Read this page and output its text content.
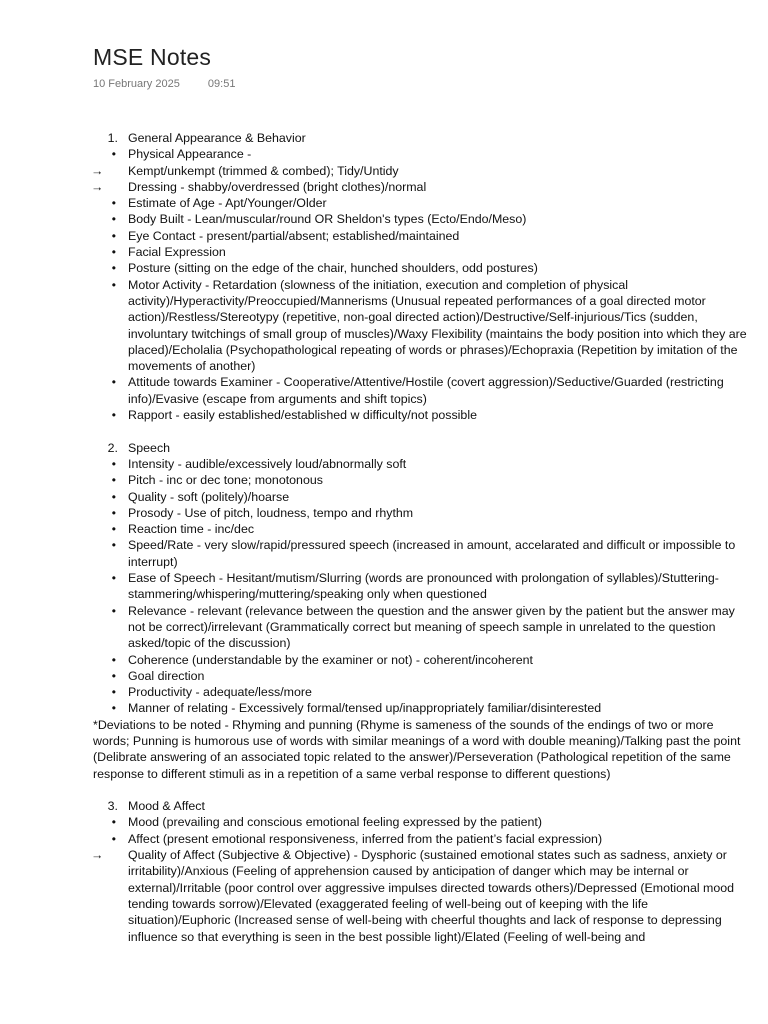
MSE Notes
10 February 2025	09:51
1. General Appearance & Behavior
• Physical Appearance -
→	Kempt/unkempt (trimmed & combed); Tidy/Untidy
→	Dressing - shabby/overdressed (bright clothes)/normal
• Estimate of Age - Apt/Younger/Older
• Body Built - Lean/muscular/round OR Sheldon's types (Ecto/Endo/Meso)
• Eye Contact - present/partial/absent; established/maintained
• Facial Expression
• Posture (sitting on the edge of the chair, hunched shoulders, odd postures)
• Motor Activity - Retardation (slowness of the initiation, execution and completion of physical activity)/Hyperactivity/Preoccupied/Mannerisms (Unusual repeated performances of a goal directed motor action)/Restless/Stereotypy (repetitive, non-goal directed action)/Destructive/Self-injurious/Tics (sudden, involuntary twitchings of small group of muscles)/Waxy Flexibility (maintains the body position into which they are placed)/Echolalia (Psychopathological repeating of words or phrases)/Echopraxia (Repetition by imitation of the movements of another)
• Attitude towards Examiner - Cooperative/Attentive/Hostile (covert aggression)/Seductive/Guarded (restricting info)/Evasive (escape from arguments and shift topics)
• Rapport - easily established/established w difficulty/not possible
2. Speech
• Intensity - audible/excessively loud/abnormally soft
• Pitch - inc or dec tone; monotonous
• Quality - soft (politely)/hoarse
• Prosody - Use of pitch, loudness, tempo and rhythm
• Reaction time - inc/dec
• Speed/Rate - very slow/rapid/pressured speech (increased in amount, accelarated and difficult or impossible to interrupt)
• Ease of Speech - Hesitant/mutism/Slurring (words are pronounced with prolongation of syllables)/Stuttering-stammering/whispering/muttering/speaking only when questioned
• Relevance - relevant (relevance between the question and the answer given by the patient but the answer may not be correct)/irrelevant (Grammatically correct but meaning of speech sample in unrelated to the question asked/topic of the discussion)
• Coherence (understandable by the examiner or not) - coherent/incoherent
• Goal direction
• Productivity - adequate/less/more
• Manner of relating - Excessively formal/tensed up/inappropriately familiar/disinterested
*Deviations to be noted - Rhyming and punning (Rhyme is sameness of the sounds of the endings of two or more words; Punning is humorous use of words with similar meanings of a word with double meaning)/Talking past the point (Delibrate answering of an associated topic related to the answer)/Perseveration (Pathological repetition of the same response to different stimuli as in a repetition of a same verbal response to different questions)
3. Mood & Affect
• Mood (prevailing and conscious emotional feeling expressed by the patient)
• Affect (present emotional responsiveness, inferred from the patient’s facial expression)
→	Quality of Affect (Subjective & Objective) - Dysphoric (sustained emotional states such as sadness, anxiety or irritability)/Anxious (Feeling of apprehension caused by anticipation of danger which may be internal or external)/Irritable (poor control over aggressive impulses directed towards others)/Depressed (Emotional mood tending towards sorrow)/Elevated (exaggerated feeling of well-being out of keeping with the life situation)/Euphoric (Increased sense of well-being with cheerful thoughts and lack of response to depressing influence so that everything is seen in the best possible light)/Elated (Feeling of well-being and
